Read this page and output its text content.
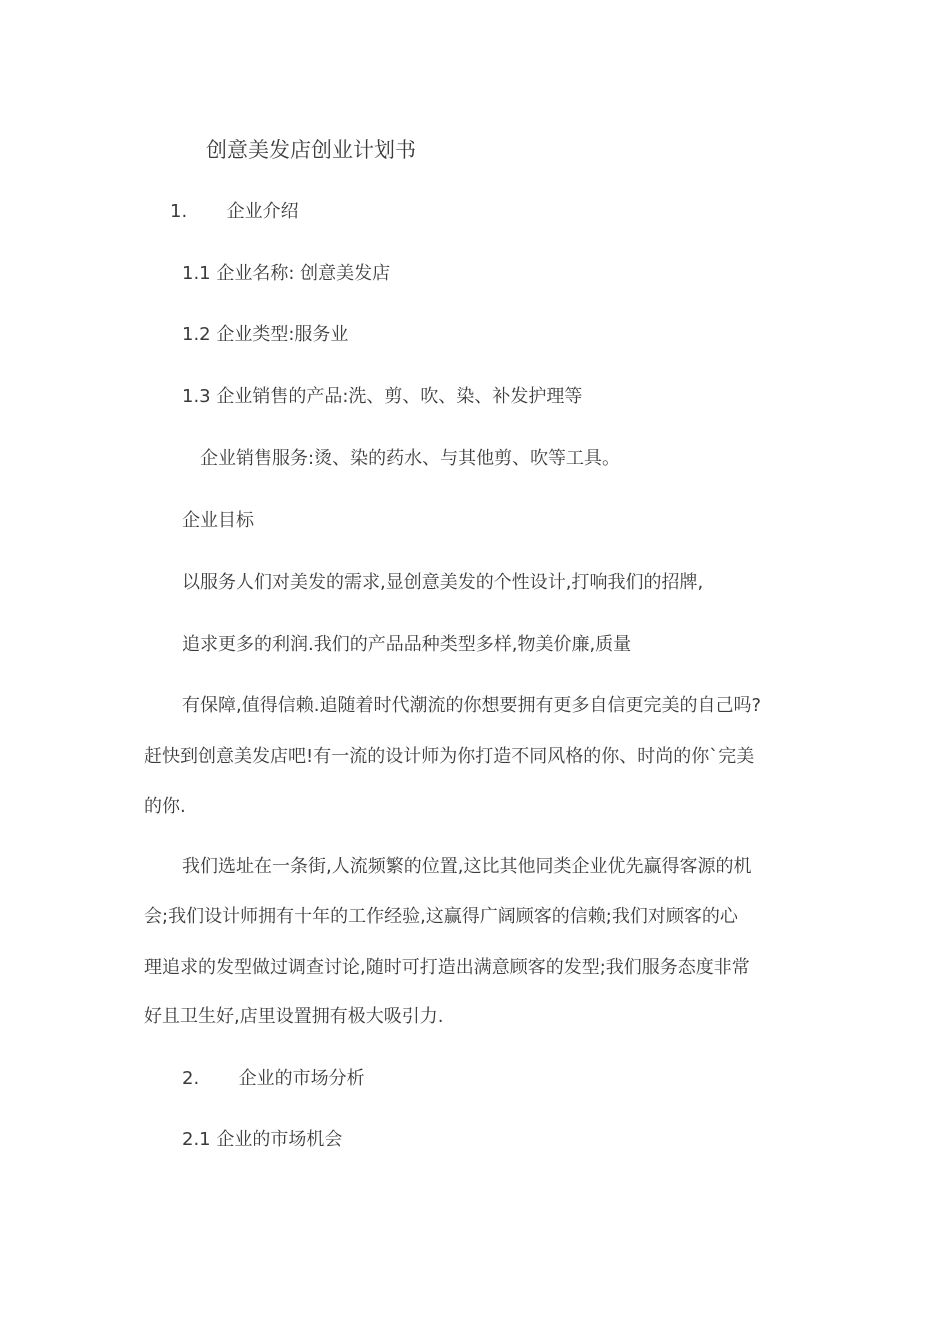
创意美发店创业计划书
1. 企业介绍
1.1 企业名称: 创意美发店
1.2 企业类型:服务业
1.3 企业销售的产品:洗、剪、吹、染、补发护理等
企业销售服务:烫、染的药水、与其他剪、吹等工具。
企业目标
以服务人们对美发的需求,显创意美发的个性设计,打响我们的招牌,
追求更多的利润.我们的产品品种类型多样,物美价廉,质量
有保障,值得信赖.追随着时代潮流的你想要拥有更多自信更完美的自己吗?
赶快到创意美发店吧!有一流的设计师为你打造不同风格的你、时尚的你`完美
的你.
我们选址在一条街,人流频繁的位置,这比其他同类企业优先赢得客源的机
会;我们设计师拥有十年的工作经验,这赢得广阔顾客的信赖;我们对顾客的心
理追求的发型做过调查讨论,随时可打造出满意顾客的发型;我们服务态度非常
好且卫生好,店里设置拥有极大吸引力.
2. 企业的市场分析
2.1 企业的市场机会
